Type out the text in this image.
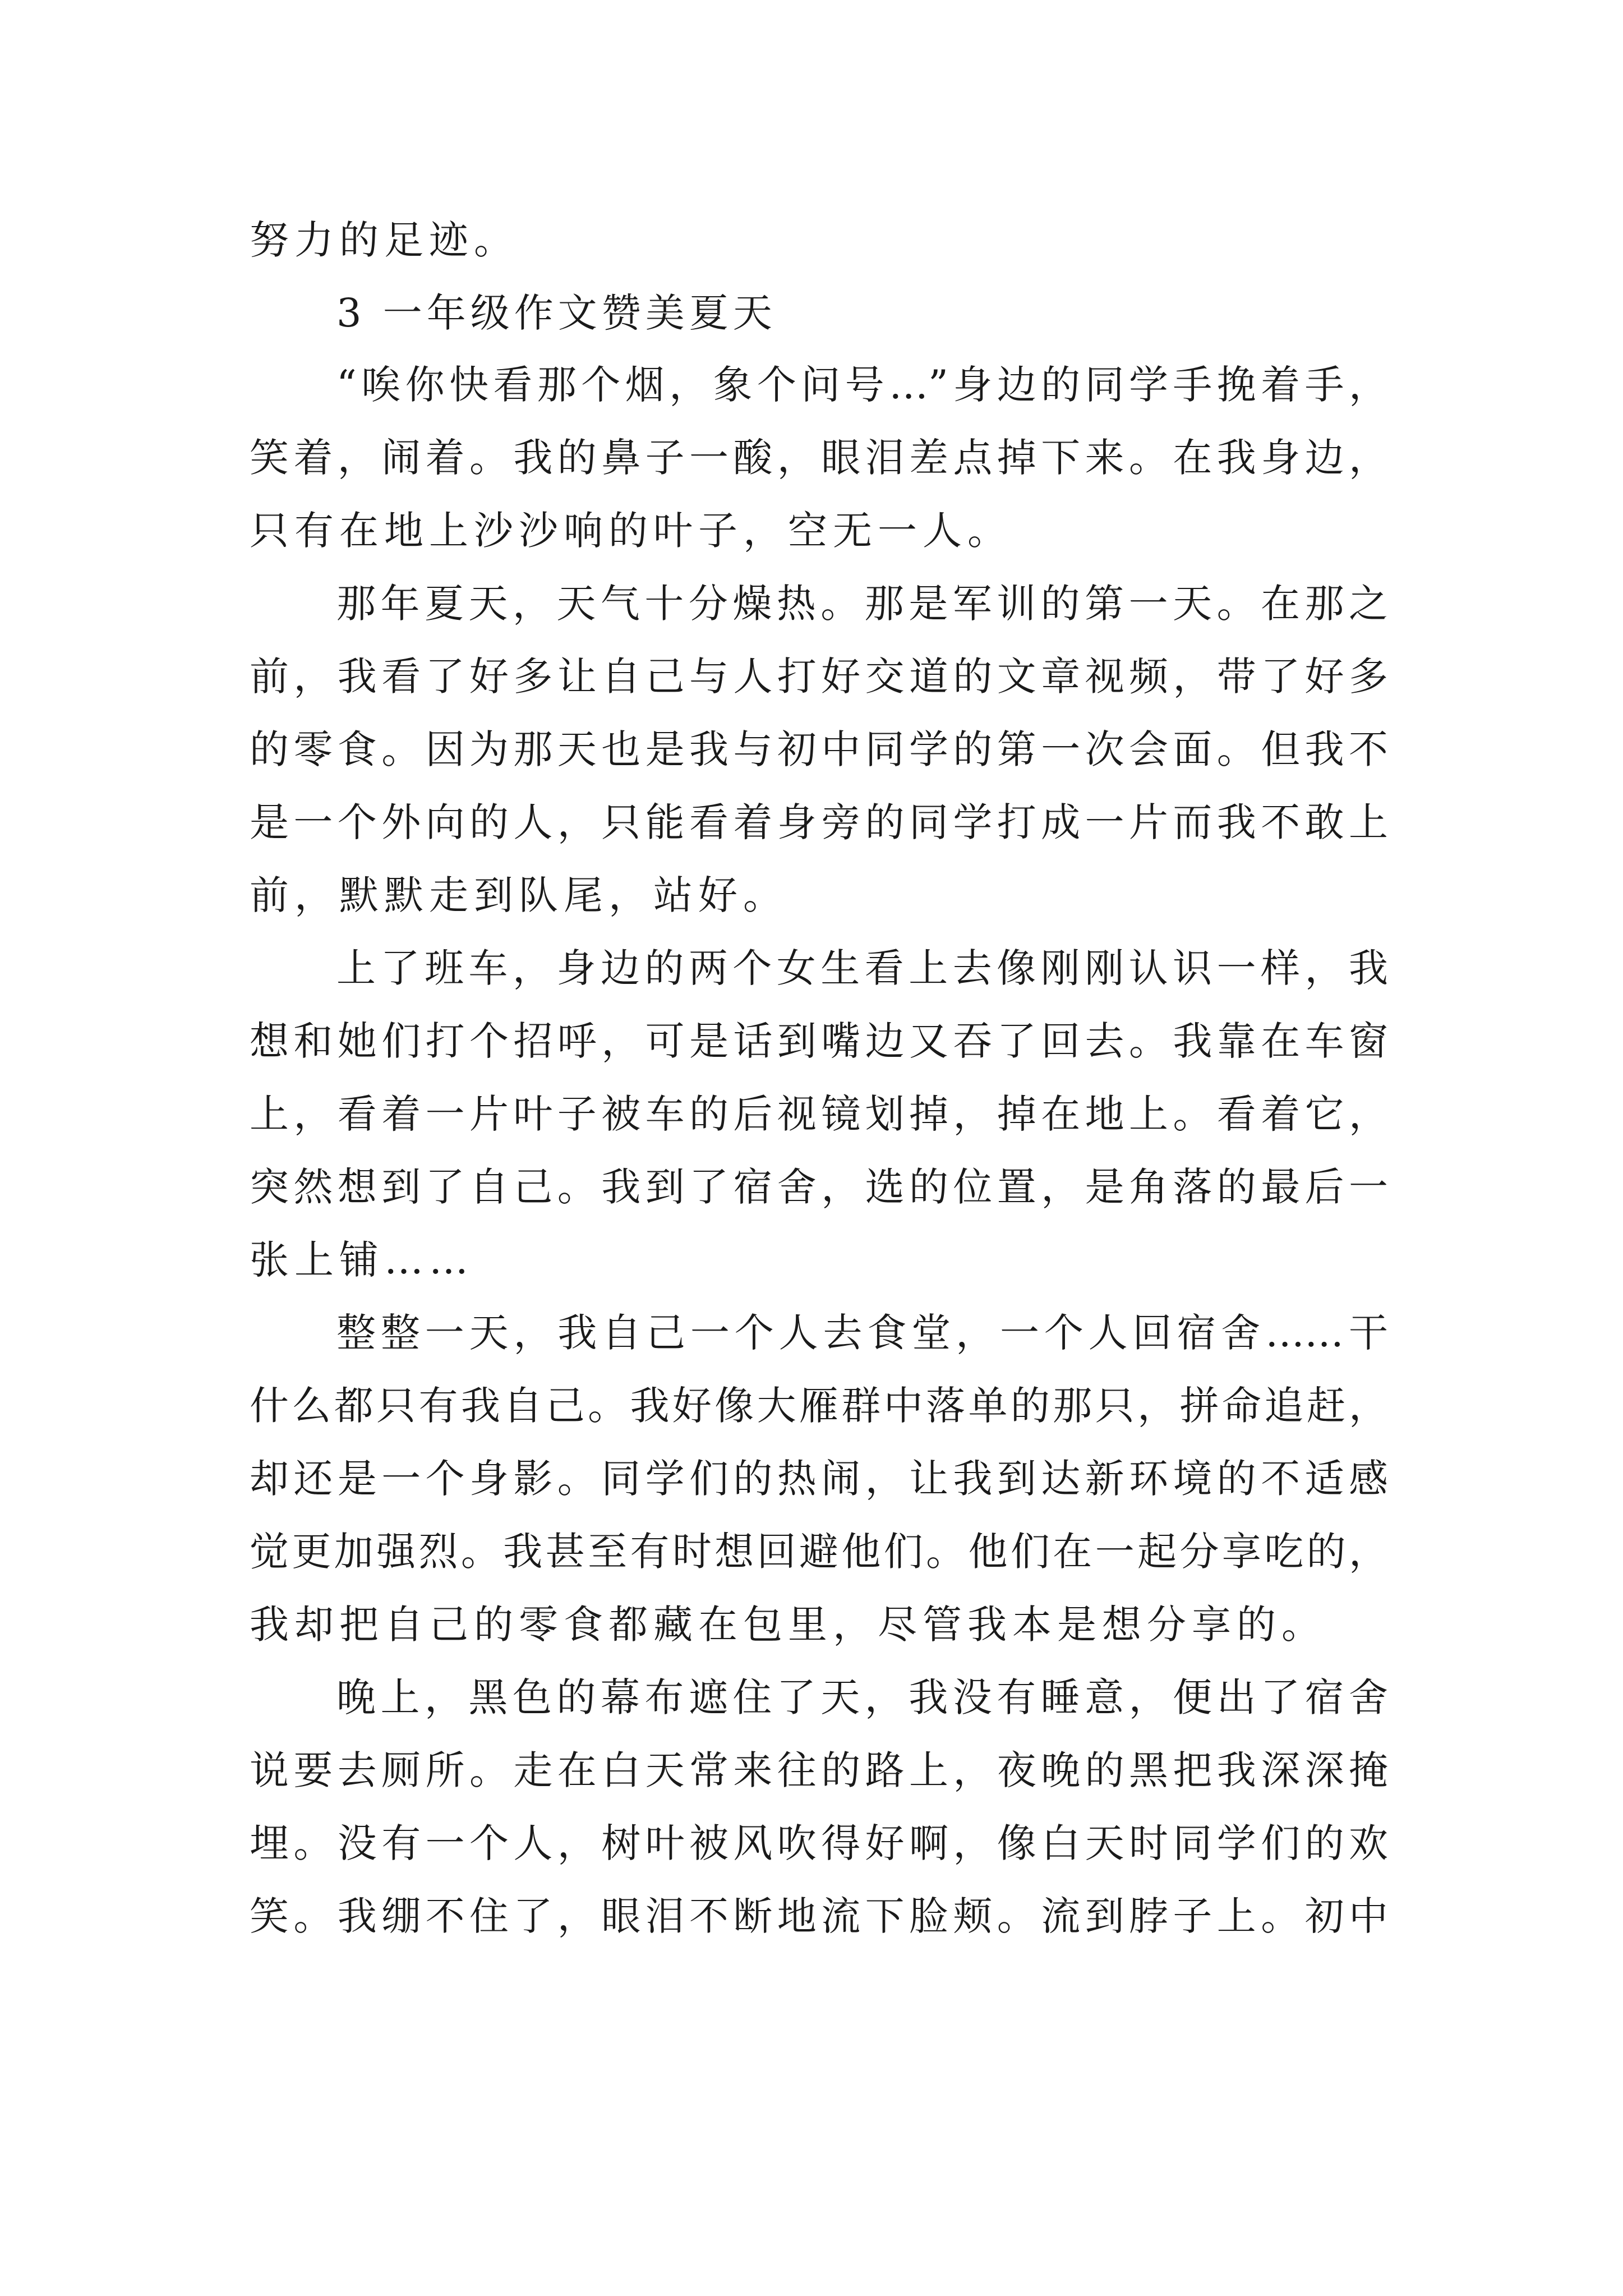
努力的足迹。
3 一年级作文赞美夏天
“唉你快看那个烟，象个问号…”身边的同学手挽着手，
笑着，闹着。我的鼻子一酸，眼泪差点掉下来。在我身边，
只有在地上沙沙响的叶子，空无一人。
那年夏天，天气十分燥热。那是军训的第一天。在那之
前，我看了好多让自己与人打好交道的文章视频，带了好多
的零食。因为那天也是我与初中同学的第一次会面。但我不
是一个外向的人，只能看着身旁的同学打成一片而我不敢上
前，默默走到队尾，站好。
上了班车，身边的两个女生看上去像刚刚认识一样，我
想和她们打个招呼，可是话到嘴边又吞了回去。我靠在车窗
上，看着一片叶子被车的后视镜划掉，掉在地上。看着它，
突然想到了自己。我到了宿舍，选的位置，是角落的最后一
张上铺……
整整一天，我自己一个人去食堂，一个人回宿舍……干
什么都只有我自己。我好像大雁群中落单的那只，拼命追赶，
却还是一个身影。同学们的热闹，让我到达新环境的不适感
觉更加强烈。我甚至有时想回避他们。他们在一起分享吃的，
我却把自己的零食都藏在包里，尽管我本是想分享的。
晚上，黑色的幕布遮住了天，我没有睡意，便出了宿舍
说要去厕所。走在白天常来往的路上，夜晚的黑把我深深掩
埋。没有一个人，树叶被风吹得好啊，像白天时同学们的欢
笑。我绷不住了，眼泪不断地流下脸颊。流到脖子上。初中
